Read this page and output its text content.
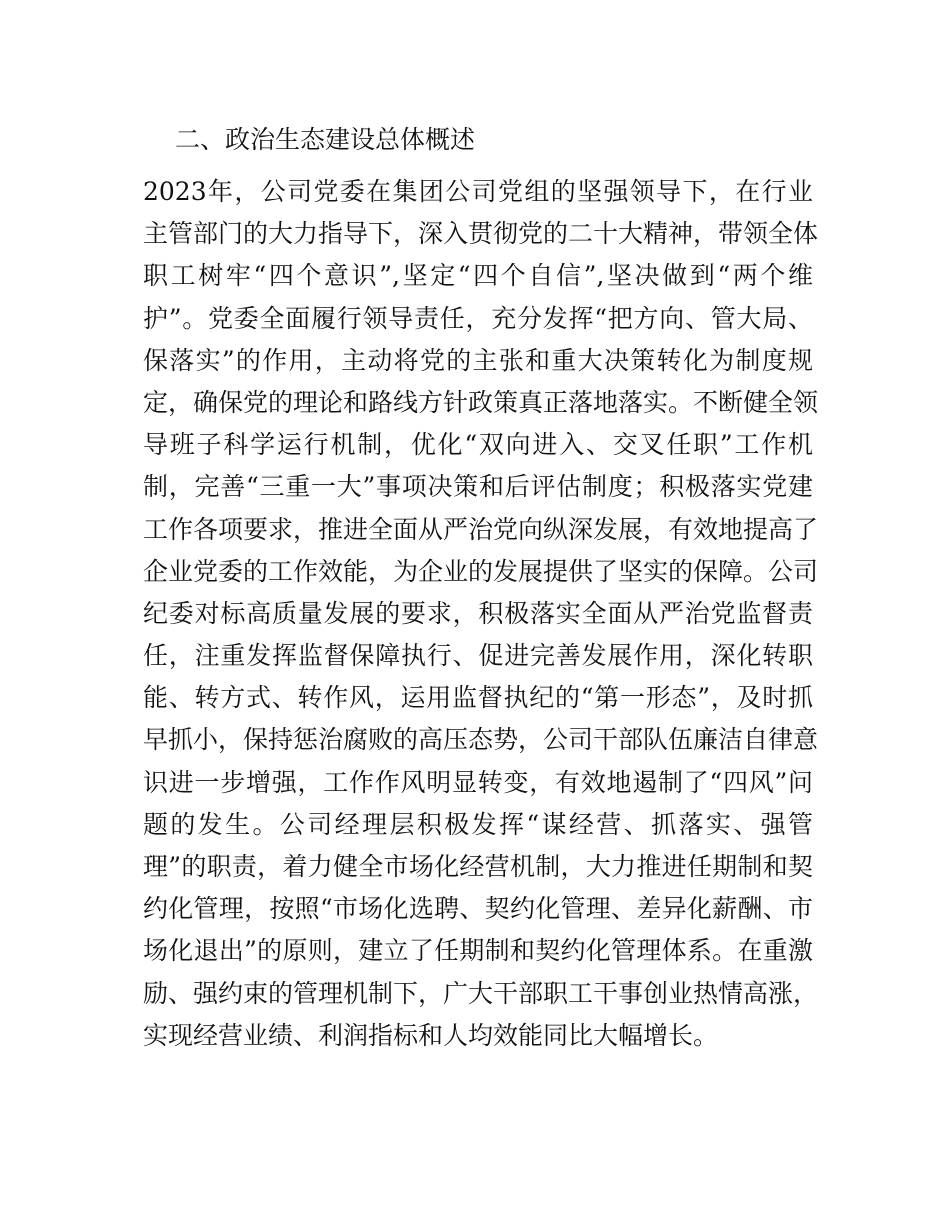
二、政治生态建设总体概述
2023年，公司党委在集团公司党组的坚强领导下，在行业
主管部门的大力指导下，深入贯彻党的二十大精神，带领全体
职工树牢“四个意识”,坚定“四个自信”,坚决做到“两个维
护”。党委全面履行领导责任，充分发挥“把方向、管大局、
保落实”的作用，主动将党的主张和重大决策转化为制度规
定，确保党的理论和路线方针政策真正落地落实。不断健全领
导班子科学运行机制，优化“双向进入、交叉任职”工作机
制，完善“三重一大”事项决策和后评估制度；积极落实党建
工作各项要求，推进全面从严治党向纵深发展，有效地提高了
企业党委的工作效能，为企业的发展提供了坚实的保障。公司
纪委对标高质量发展的要求，积极落实全面从严治党监督责
任，注重发挥监督保障执行、促进完善发展作用，深化转职
能、转方式、转作风，运用监督执纪的“第一形态”，及时抓
早抓小，保持惩治腐败的高压态势，公司干部队伍廉洁自律意
识进一步增强，工作作风明显转变，有效地遏制了“四风”问
题的发生。公司经理层积极发挥“谋经营、抓落实、强管
理”的职责，着力健全市场化经营机制，大力推进任期制和契
约化管理，按照“市场化选聘、契约化管理、差异化薪酬、市
场化退出”的原则，建立了任期制和契约化管理体系。在重激
励、强约束的管理机制下，广大干部职工干事创业热情高涨，
实现经营业绩、利润指标和人均效能同比大幅增长。
